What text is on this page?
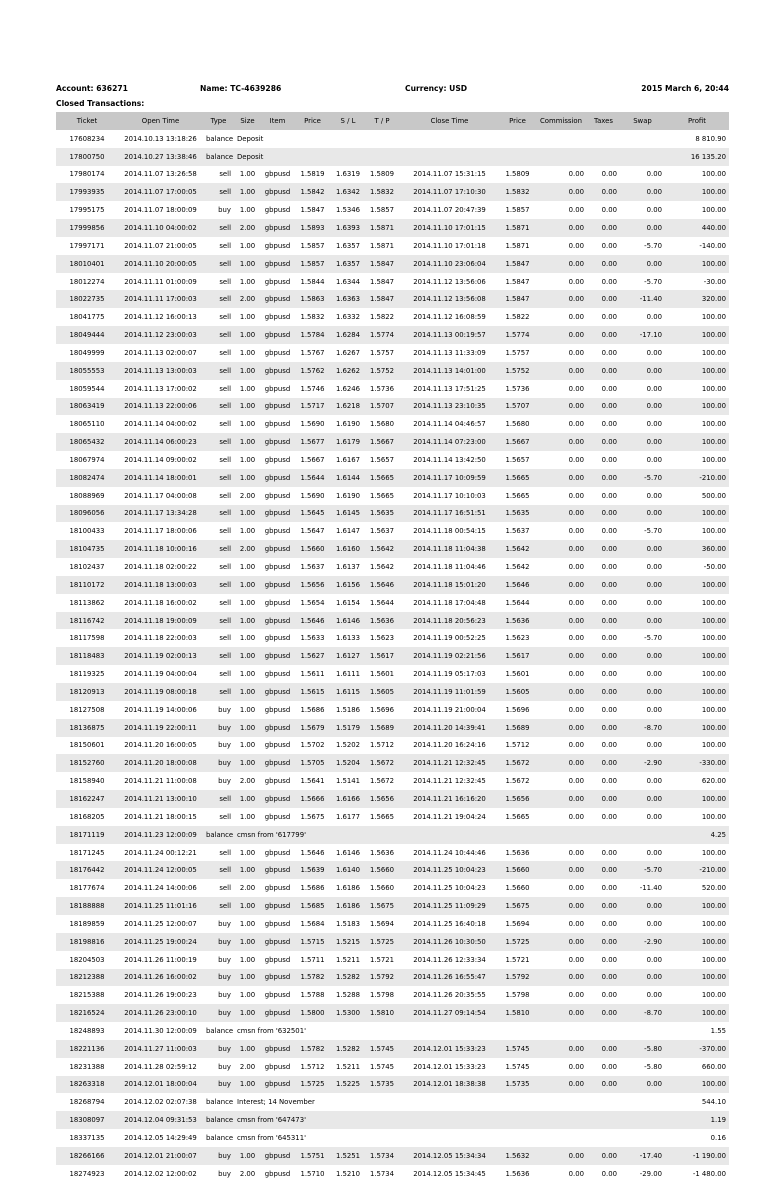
Account: 636271	Name: TC-4639286	Currency: USD	2015 March 6, 20:44
Closed Transactions:
Ticket	Open Time	Type	Size	Item	Price	S / L	T / P	Close Time	Price	Commission	Taxes	Swap	Profit
17608234	2014.10.13 13:18:26	balance	Deposit										8 810.90
17800750	2014.10.27 13:38:46	balance	Deposit										16 135.20
17980174	2014.11.07 13:26:58	sell	1.00	gbpusd	1.5819	1.6319	1.5809	2014.11.07 15:31:15	1.5809	0.00	0.00	0.00	100.00
17993935	2014.11.07 17:00:05	sell	1.00	gbpusd	1.5842	1.6342	1.5832	2014.11.07 17:10:30	1.5832	0.00	0.00	0.00	100.00
17995175	2014.11.07 18:00:09	buy	1.00	gbpusd	1.5847	1.5346	1.5857	2014.11.07 20:47:39	1.5857	0.00	0.00	0.00	100.00
17999856	2014.11.10 04:00:02	sell	2.00	gbpusd	1.5893	1.6393	1.5871	2014.11.10 17:01:15	1.5871	0.00	0.00	0.00	440.00
17997171	2014.11.07 21:00:05	sell	1.00	gbpusd	1.5857	1.6357	1.5871	2014.11.10 17:01:18	1.5871	0.00	0.00	-5.70	-140.00
18010401	2014.11.10 20:00:05	sell	1.00	gbpusd	1.5857	1.6357	1.5847	2014.11.10 23:06:04	1.5847	0.00	0.00	0.00	100.00
18012274	2014.11.11 01:00:09	sell	1.00	gbpusd	1.5844	1.6344	1.5847	2014.11.12 13:56:06	1.5847	0.00	0.00	-5.70	-30.00
18022735	2014.11.11 17:00:03	sell	2.00	gbpusd	1.5863	1.6363	1.5847	2014.11.12 13:56:08	1.5847	0.00	0.00	-11.40	320.00
18041775	2014.11.12 16:00:13	sell	1.00	gbpusd	1.5832	1.6332	1.5822	2014.11.12 16:08:59	1.5822	0.00	0.00	0.00	100.00
18049444	2014.11.12 23:00:03	sell	1.00	gbpusd	1.5784	1.6284	1.5774	2014.11.13 00:19:57	1.5774	0.00	0.00	-17.10	100.00
18049999	2014.11.13 02:00:07	sell	1.00	gbpusd	1.5767	1.6267	1.5757	2014.11.13 11:33:09	1.5757	0.00	0.00	0.00	100.00
18055553	2014.11.13 13:00:03	sell	1.00	gbpusd	1.5762	1.6262	1.5752	2014.11.13 14:01:00	1.5752	0.00	0.00	0.00	100.00
18059544	2014.11.13 17:00:02	sell	1.00	gbpusd	1.5746	1.6246	1.5736	2014.11.13 17:51:25	1.5736	0.00	0.00	0.00	100.00
18063419	2014.11.13 22:00:06	sell	1.00	gbpusd	1.5717	1.6218	1.5707	2014.11.13 23:10:35	1.5707	0.00	0.00	0.00	100.00
18065110	2014.11.14 04:00:02	sell	1.00	gbpusd	1.5690	1.6190	1.5680	2014.11.14 04:46:57	1.5680	0.00	0.00	0.00	100.00
18065432	2014.11.14 06:00:23	sell	1.00	gbpusd	1.5677	1.6179	1.5667	2014.11.14 07:23:00	1.5667	0.00	0.00	0.00	100.00
18067974	2014.11.14 09:00:02	sell	1.00	gbpusd	1.5667	1.6167	1.5657	2014.11.14 13:42:50	1.5657	0.00	0.00	0.00	100.00
18082474	2014.11.14 18:00:01	sell	1.00	gbpusd	1.5644	1.6144	1.5665	2014.11.17 10:09:59	1.5665	0.00	0.00	-5.70	-210.00
18088969	2014.11.17 04:00:08	sell	2.00	gbpusd	1.5690	1.6190	1.5665	2014.11.17 10:10:03	1.5665	0.00	0.00	0.00	500.00
18096056	2014.11.17 13:34:28	sell	1.00	gbpusd	1.5645	1.6145	1.5635	2014.11.17 16:51:51	1.5635	0.00	0.00	0.00	100.00
18100433	2014.11.17 18:00:06	sell	1.00	gbpusd	1.5647	1.6147	1.5637	2014.11.18 00:54:15	1.5637	0.00	0.00	-5.70	100.00
18104735	2014.11.18 10:00:16	sell	2.00	gbpusd	1.5660	1.6160	1.5642	2014.11.18 11:04:38	1.5642	0.00	0.00	0.00	360.00
18102437	2014.11.18 02:00:22	sell	1.00	gbpusd	1.5637	1.6137	1.5642	2014.11.18 11:04:46	1.5642	0.00	0.00	0.00	-50.00
18110172	2014.11.18 13:00:03	sell	1.00	gbpusd	1.5656	1.6156	1.5646	2014.11.18 15:01:20	1.5646	0.00	0.00	0.00	100.00
18113862	2014.11.18 16:00:02	sell	1.00	gbpusd	1.5654	1.6154	1.5644	2014.11.18 17:04:48	1.5644	0.00	0.00	0.00	100.00
18116742	2014.11.18 19:00:09	sell	1.00	gbpusd	1.5646	1.6146	1.5636	2014.11.18 20:56:23	1.5636	0.00	0.00	0.00	100.00
18117598	2014.11.18 22:00:03	sell	1.00	gbpusd	1.5633	1.6133	1.5623	2014.11.19 00:52:25	1.5623	0.00	0.00	-5.70	100.00
18118483	2014.11.19 02:00:13	sell	1.00	gbpusd	1.5627	1.6127	1.5617	2014.11.19 02:21:56	1.5617	0.00	0.00	0.00	100.00
18119325	2014.11.19 04:00:04	sell	1.00	gbpusd	1.5611	1.6111	1.5601	2014.11.19 05:17:03	1.5601	0.00	0.00	0.00	100.00
18120913	2014.11.19 08:00:18	sell	1.00	gbpusd	1.5615	1.6115	1.5605	2014.11.19 11:01:59	1.5605	0.00	0.00	0.00	100.00
18127508	2014.11.19 14:00:06	buy	1.00	gbpusd	1.5686	1.5186	1.5696	2014.11.19 21:00:04	1.5696	0.00	0.00	0.00	100.00
18136875	2014.11.19 22:00:11	buy	1.00	gbpusd	1.5679	1.5179	1.5689	2014.11.20 14:39:41	1.5689	0.00	0.00	-8.70	100.00
18150601	2014.11.20 16:00:05	buy	1.00	gbpusd	1.5702	1.5202	1.5712	2014.11.20 16:24:16	1.5712	0.00	0.00	0.00	100.00
18152760	2014.11.20 18:00:08	buy	1.00	gbpusd	1.5705	1.5204	1.5672	2014.11.21 12:32:45	1.5672	0.00	0.00	-2.90	-330.00
18158940	2014.11.21 11:00:08	buy	2.00	gbpusd	1.5641	1.5141	1.5672	2014.11.21 12:32:45	1.5672	0.00	0.00	0.00	620.00
18162247	2014.11.21 13:00:10	sell	1.00	gbpusd	1.5666	1.6166	1.5656	2014.11.21 16:16:20	1.5656	0.00	0.00	0.00	100.00
18168205	2014.11.21 18:00:15	sell	1.00	gbpusd	1.5675	1.6177	1.5665	2014.11.21 19:04:24	1.5665	0.00	0.00	0.00	100.00
18171119	2014.11.23 12:00:09	balance	cmsn from '617799'										4.25
18171245	2014.11.24 00:12:21	sell	1.00	gbpusd	1.5646	1.6146	1.5636	2014.11.24 10:44:46	1.5636	0.00	0.00	0.00	100.00
18176442	2014.11.24 12:00:05	sell	1.00	gbpusd	1.5639	1.6140	1.5660	2014.11.25 10:04:23	1.5660	0.00	0.00	-5.70	-210.00
18177674	2014.11.24 14:00:06	sell	2.00	gbpusd	1.5686	1.6186	1.5660	2014.11.25 10:04:23	1.5660	0.00	0.00	-11.40	520.00
18188888	2014.11.25 11:01:16	sell	1.00	gbpusd	1.5685	1.6186	1.5675	2014.11.25 11:09:29	1.5675	0.00	0.00	0.00	100.00
18189859	2014.11.25 12:00:07	buy	1.00	gbpusd	1.5684	1.5183	1.5694	2014.11.25 16:40:18	1.5694	0.00	0.00	0.00	100.00
18198816	2014.11.25 19:00:24	buy	1.00	gbpusd	1.5715	1.5215	1.5725	2014.11.26 10:30:50	1.5725	0.00	0.00	-2.90	100.00
18204503	2014.11.26 11:00:19	buy	1.00	gbpusd	1.5711	1.5211	1.5721	2014.11.26 12:33:34	1.5721	0.00	0.00	0.00	100.00
18212388	2014.11.26 16:00:02	buy	1.00	gbpusd	1.5782	1.5282	1.5792	2014.11.26 16:55:47	1.5792	0.00	0.00	0.00	100.00
18215388	2014.11.26 19:00:23	buy	1.00	gbpusd	1.5788	1.5288	1.5798	2014.11.26 20:35:55	1.5798	0.00	0.00	0.00	100.00
18216524	2014.11.26 23:00:10	buy	1.00	gbpusd	1.5800	1.5300	1.5810	2014.11.27 09:14:54	1.5810	0.00	0.00	-8.70	100.00
18248893	2014.11.30 12:00:09	balance	cmsn from '632501'										1.55
18221136	2014.11.27 11:00:03	buy	1.00	gbpusd	1.5782	1.5282	1.5745	2014.12.01 15:33:23	1.5745	0.00	0.00	-5.80	-370.00
18231388	2014.11.28 02:59:12	buy	2.00	gbpusd	1.5712	1.5211	1.5745	2014.12.01 15:33:23	1.5745	0.00	0.00	-5.80	660.00
18263318	2014.12.01 18:00:04	buy	1.00	gbpusd	1.5725	1.5225	1.5735	2014.12.01 18:38:38	1.5735	0.00	0.00	0.00	100.00
18268794	2014.12.02 02:07:38	balance	Interest; 14 November										544.10
18308097	2014.12.04 09:31:53	balance	cmsn from '647473'										1.19
18337135	2014.12.05 14:29:49	balance	cmsn from '645311'										0.16
18266166	2014.12.01 21:00:07	buy	1.00	gbpusd	1.5751	1.5251	1.5734	2014.12.05 15:34:34	1.5632	0.00	0.00	-17.40	-1 190.00
18274923	2014.12.02 12:00:02	buy	2.00	gbpusd	1.5710	1.5210	1.5734	2014.12.05 15:34:45	1.5636	0.00	0.00	-29.00	-1 480.00
